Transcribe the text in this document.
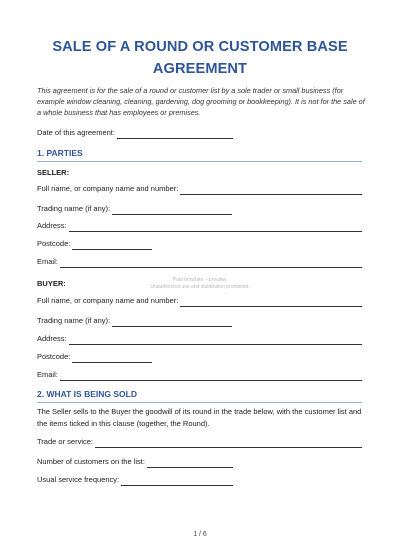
SALE OF A ROUND OR CUSTOMER BASE AGREEMENT
This agreement is for the sale of a round or customer list by a sole trader or small business (for example window cleaning, cleaning, gardening, dog grooming or bookkeeping). It is not for the sale of a whole business that has employees or premises.
Date of this agreement:
1. PARTIES
SELLER:
Full name, or company name and number:
Trading name (if any):
Address:
Postcode:
Email:
Paid template – preview.
Unauthorized use and distribution prohibited.
BUYER:
Full name, or company name and number:
Trading name (if any):
Address:
Postcode:
Email:
2. WHAT IS BEING SOLD
The Seller sells to the Buyer the goodwill of its round in the trade below, with the customer list and the items ticked in this clause (together, the Round).
Trade or service:
Number of customers on the list:
Usual service frequency:
1 / 6
